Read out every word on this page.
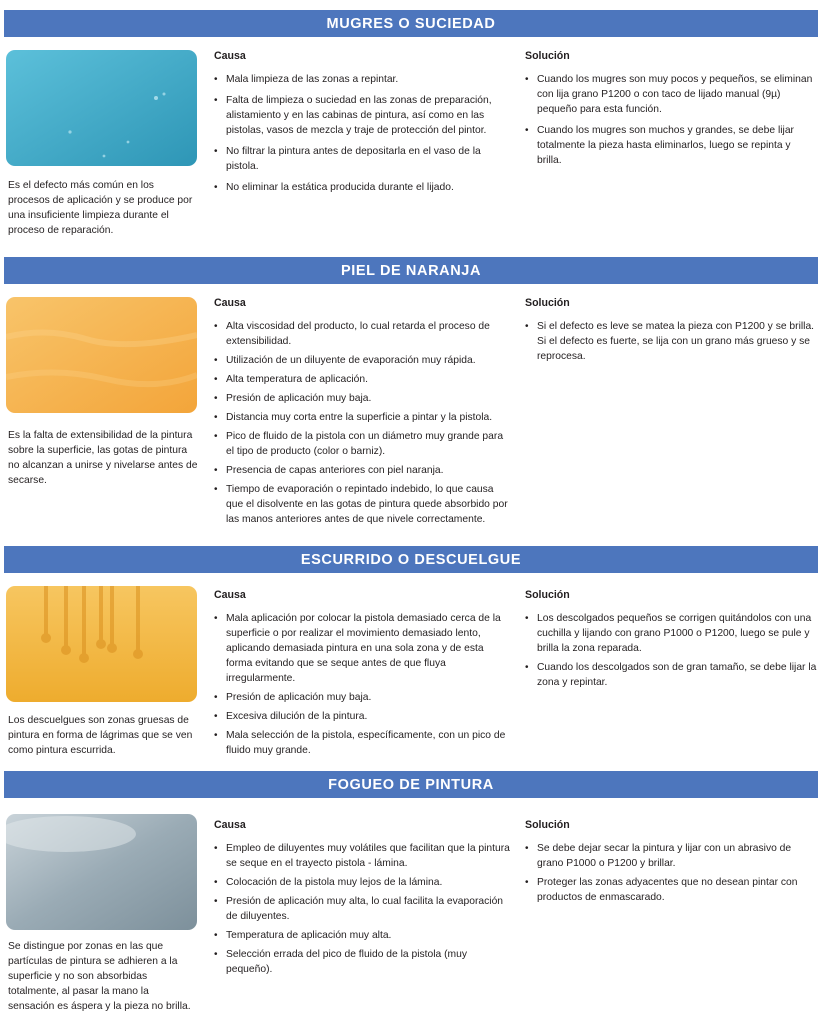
MUGRES O SUCIEDAD
Es el defecto más común en los procesos de aplicación y se produce por una insuficiente limpieza durante el proceso de reparación.
Causa	Solución
• Mala limpieza de las zonas a repintar.
• Falta de limpieza o suciedad en las zonas de preparación, alistamiento y en las cabinas de pintura, así como en las pistolas, vasos de mezcla y traje de protección del pintor.
• No filtrar la pintura antes de depositarla en el vaso de la pistola.
• No eliminar la estática producida durante el lijado.
• Cuando los mugres son muy pocos y pequeños, se eliminan con lija grano P1200 o con taco de lijado manual (9µ) pequeño para esta función.
• Cuando los mugres son muchos y grandes, se debe lijar totalmente la pieza hasta eliminarlos, luego se repinta y brilla.
PIEL DE NARANJA
Es la falta de extensibilidad de la pintura sobre la superficie, las gotas de pintura no alcanzan a unirse y nivelarse antes de secarse.
Causa	Solución
• Alta viscosidad del producto, lo cual retarda el proceso de extensibilidad.
• Utilización de un diluyente de evaporación muy rápida.
• Alta temperatura de aplicación.
• Presión de aplicación muy baja.
• Distancia muy corta entre la superficie a pintar y la pistola.
• Pico de fluido de la pistola con un diámetro muy grande para el tipo de producto (color o barniz).
• Presencia de capas anteriores con piel naranja.
• Tiempo de evaporación o repintado indebido, lo que causa que el disolvente en las gotas de pintura quede absorbido por las manos anteriores antes de que nivele correctamente.
• Si el defecto es leve se matea la pieza con P1200 y se brilla. Si el defecto es fuerte, se lija con un grano más grueso y se reprocesa.
ESCURRIDO O DESCUELGUE
Los descuelgues son zonas gruesas de pintura en forma de lágrimas que se ven como pintura escurrida.
Causa	Solución
• Mala aplicación por colocar la pistola demasiado cerca de la superficie o por realizar el movimiento demasiado lento, aplicando demasiada pintura en una sola zona y de esta forma evitando que se seque antes de que fluya irregularmente.
• Presión de aplicación muy baja.
• Excesiva dilución de la pintura.
• Mala selección de la pistola, específicamente, con un pico de fluido muy grande.
• Los descolgados pequeños se corrigen quitándolos con una cuchilla y lijando con grano P1000 o P1200, luego se pule y brilla la zona reparada.
• Cuando los descolgados son de gran tamaño, se debe lijar la zona y repintar.
FOGUEO DE PINTURA
Se distingue por zonas en las que partículas de pintura se adhieren a la superficie y no son absorbidas totalmente, al pasar la mano la sensación es áspera y la pieza no brilla.
Causa	Solución
• Empleo de diluyentes muy volátiles que facilitan que la pintura se seque en el trayecto pistola - lámina.
• Colocación de la pistola muy lejos de la lámina.
• Presión de aplicación muy alta, lo cual facilita la evaporación de diluyentes.
• Temperatura de aplicación muy alta.
• Selección errada del pico de fluido de la pistola (muy pequeño).
• Se debe dejar secar la pintura y lijar con un abrasivo de grano P1000 o P1200 y brillar.
• Proteger las zonas adyacentes que no desean pintar con productos de enmascarado.
